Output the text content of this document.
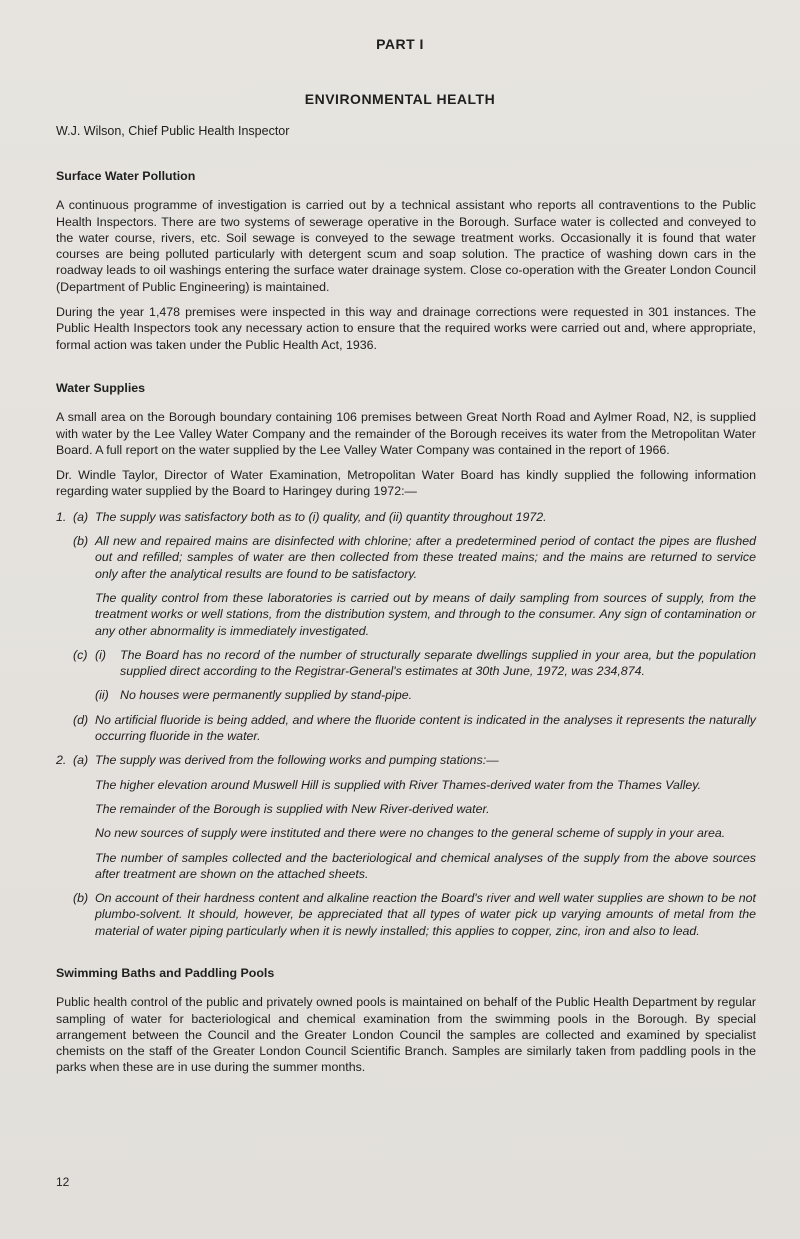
PART I
ENVIRONMENTAL HEALTH
W.J. Wilson, Chief Public Health Inspector
Surface Water Pollution

A continuous programme of investigation is carried out by a technical assistant who reports all contraventions to the Public Health Inspectors. There are two systems of sewerage operative in the Borough. Surface water is collected and conveyed to the water course, rivers, etc. Soil sewage is conveyed to the sewage treatment works. Occasionally it is found that water courses are being polluted particularly with detergent scum and soap solution. The practice of washing down cars in the roadway leads to oil washings entering the surface water drainage system. Close co-operation with the Greater London Council (Department of Public Engineering) is maintained.

During the year 1,478 premises were inspected in this way and drainage corrections were requested in 301 instances. The Public Health Inspectors took any necessary action to ensure that the required works were carried out and, where appropriate, formal action was taken under the Public Health Act, 1936.

Water Supplies

A small area on the Borough boundary containing 106 premises between Great North Road and Aylmer Road, N2, is supplied with water by the Lee Valley Water Company and the remainder of the Borough receives its water from the Metropolitan Water Board. A full report on the water supplied by the Lee Valley Water Company was contained in the report of 1966.

Dr. Windle Taylor, Director of Water Examination, Metropolitan Water Board has kindly supplied the following information regarding water supplied by the Board to Haringey during 1972:—

1. (a) The supply was satisfactory both as to (i) quality, and (ii) quantity throughout 1972.
(b) All new and repaired mains are disinfected with chlorine; after a predetermined period of contact the pipes are flushed out and refilled; samples of water are then collected from these treated mains; and the mains are returned to service only after the analytical results are found to be satisfactory.
The quality control from these laboratories is carried out by means of daily sampling from sources of supply, from the treatment works or well stations, from the distribution system, and through to the consumer. Any sign of contamination or any other abnormality is immediately investigated.
(c) (i) The Board has no record of the number of structurally separate dwellings supplied in your area, but the population supplied direct according to the Registrar-General's estimates at 30th June, 1972, was 234,874.
(ii) No houses were permanently supplied by stand-pipe.
(d) No artificial fluoride is being added, and where the fluoride content is indicated in the analyses it represents the naturally occurring fluoride in the water.
2. (a) The supply was derived from the following works and pumping stations:—
The higher elevation around Muswell Hill is supplied with River Thames-derived water from the Thames Valley.
The remainder of the Borough is supplied with New River-derived water.
No new sources of supply were instituted and there were no changes to the general scheme of supply in your area.
The number of samples collected and the bacteriological and chemical analyses of the supply from the above sources after treatment are shown on the attached sheets.
(b) On account of their hardness content and alkaline reaction the Board's river and well water supplies are shown to be not plumbo-solvent. It should, however, be appreciated that all types of water pick up varying amounts of metal from the material of water piping particularly when it is newly installed; this applies to copper, zinc, iron and also to lead.
Swimming Baths and Paddling Pools

Public health control of the public and privately owned pools is maintained on behalf of the Public Health Department by regular sampling of water for bacteriological and chemical examination from the swimming pools in the Borough. By special arrangement between the Council and the Greater London Council the samples are collected and examined by specialist chemists on the staff of the Greater London Council Scientific Branch. Samples are similarly taken from paddling pools in the parks when these are in use during the summer months.

12
